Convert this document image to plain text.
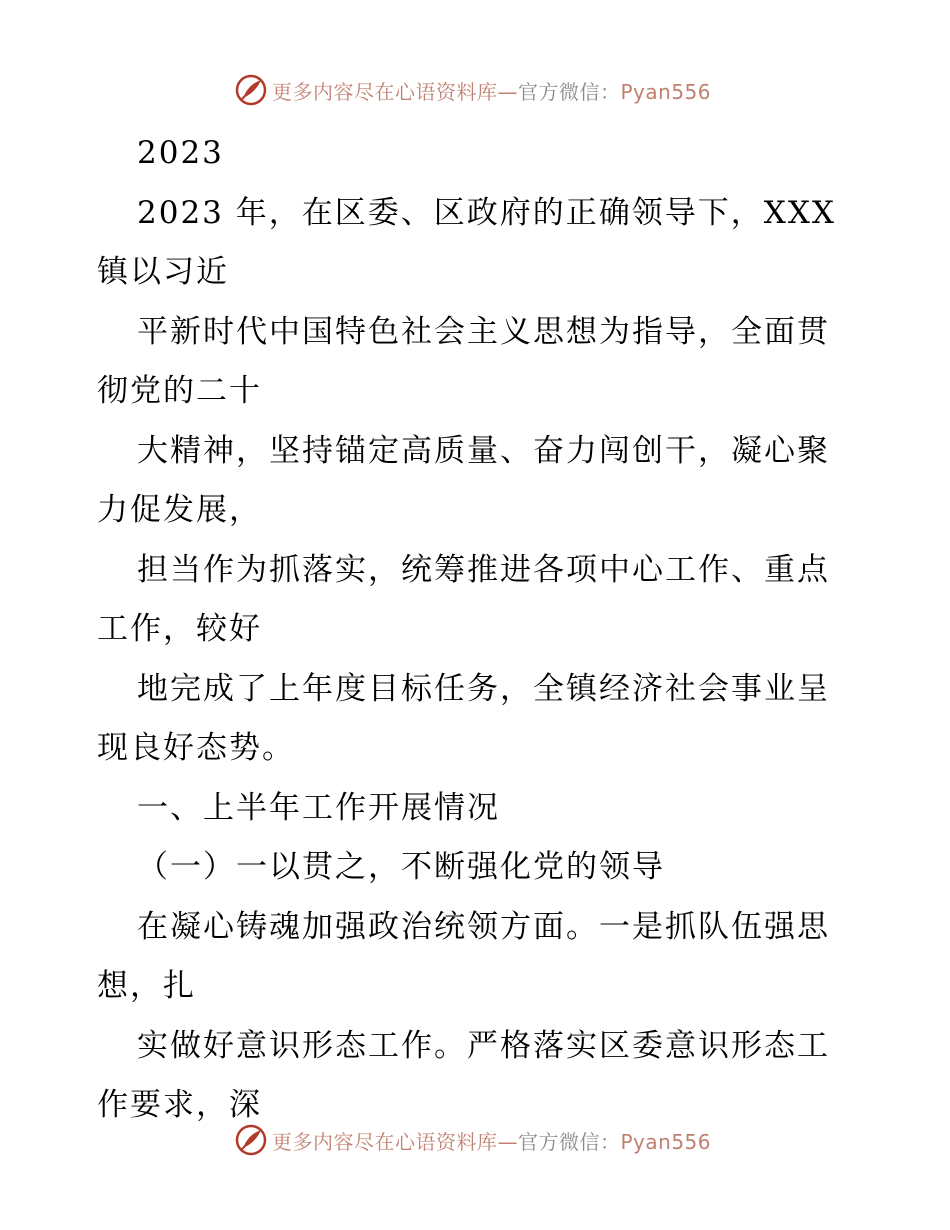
更多内容尽在心语资料库—官方微信：Pyan556
2023
2023 年，在区委、区政府的正确领导下，XXX
镇以习近
平新时代中国特色社会主义思想为指导，全面贯
彻党的二十
大精神，坚持锚定高质量、奋力闯创干，凝心聚
力促发展，
担当作为抓落实，统筹推进各项中心工作、重点
工作，较好
地完成了上年度目标任务，全镇经济社会事业呈
现良好态势。
一、上半年工作开展情况
（一）一以贯之，不断强化党的领导
在凝心铸魂加强政治统领方面。一是抓队伍强思
想，扎
实做好意识形态工作。严格落实区委意识形态工
作要求，深
更多内容尽在心语资料库—官方微信：Pyan556
